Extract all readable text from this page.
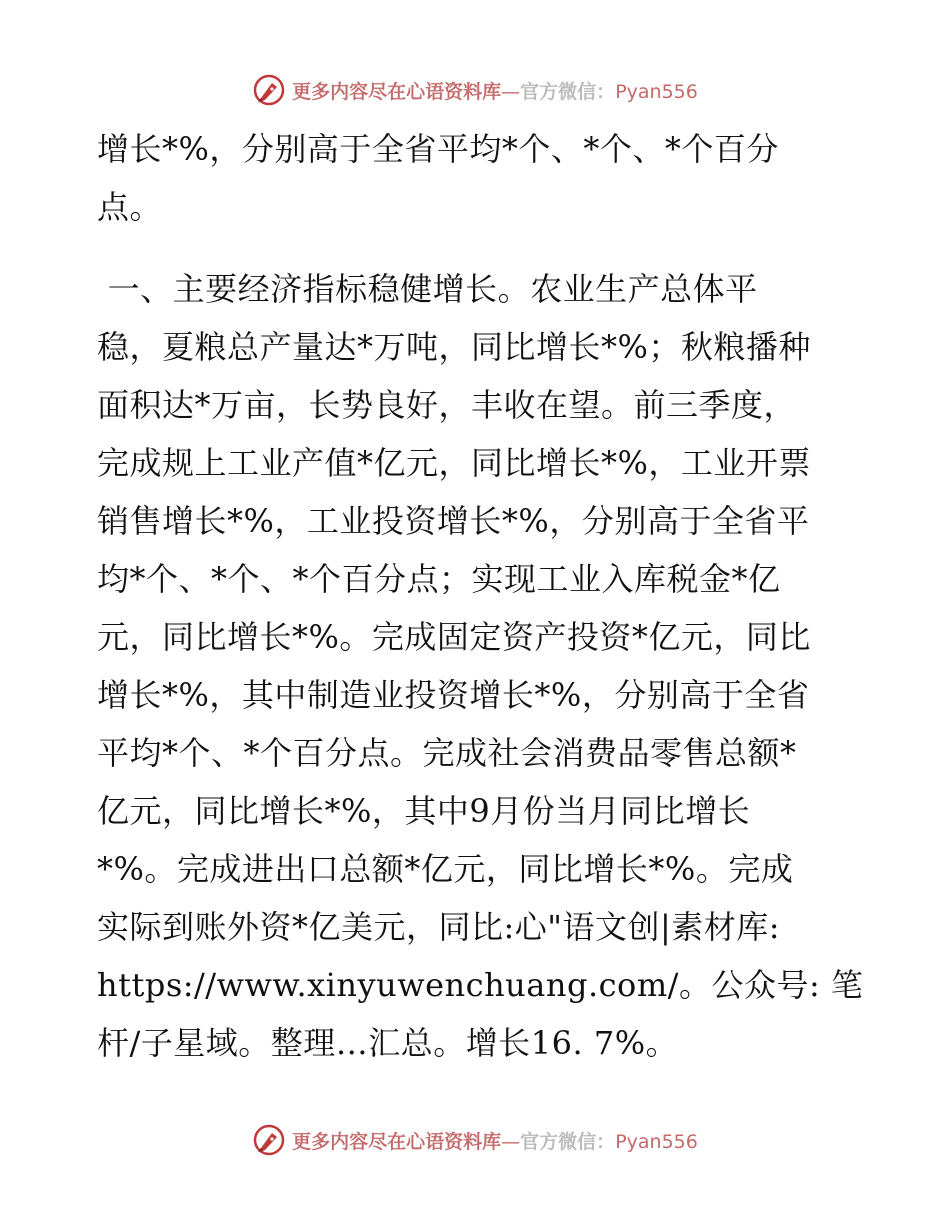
更多内容尽在心语资料库—官方微信：Pyan556

增长*%，分别高于全省平均*个、*个、*个百分
点。

一、主要经济指标稳健增长。农业生产总体平
稳，夏粮总产量达*万吨，同比增长*%；秋粮播种
面积达*万亩，长势良好，丰收在望。前三季度，
完成规上工业产值*亿元，同比增长*%，工业开票
销售增长*%，工业投资增长*%，分别高于全省平
均*个、*个、*个百分点；实现工业入库税金*亿
元，同比增长*%。完成固定资产投资*亿元，同比
增长*%，其中制造业投资增长*%，分别高于全省
平均*个、*个百分点。完成社会消费品零售总额*
亿元，同比增长*%，其中9月份当月同比增长
*%。完成进出口总额*亿元，同比增长*%。完成
实际到账外资*亿美元，同比:心"语文创|素材库:
https://www.xinyuwenchuang.com/。公众号: 笔
杆/子星域。整理…汇总。增长16. 7%。

更多内容尽在心语资料库—官方微信：Pyan556
